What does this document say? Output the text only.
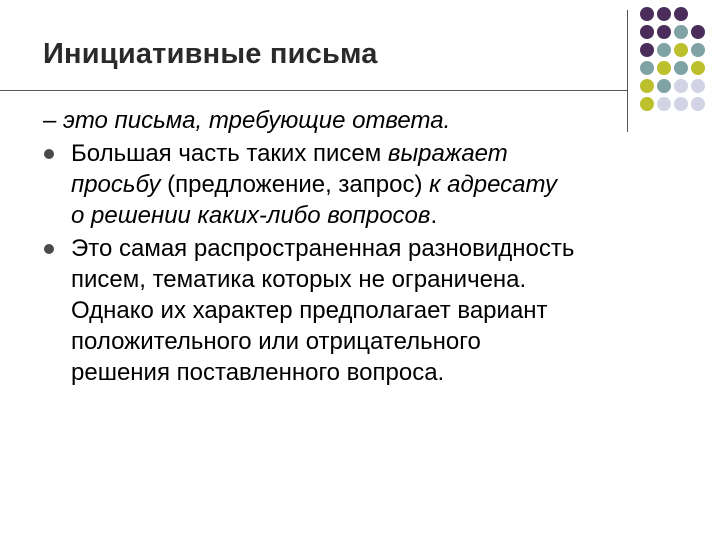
Инициативные письма
– это письма, требующие ответа.
Большая часть таких писем выражает
просьбу (предложение, запрос) к адресату
о решении каких-либо вопросов.
Это самая распространенная разновидность
писем, тематика которых не ограничена.
Однако их характер предполагает вариант
положительного или отрицательного
решения поставленного вопроса.
